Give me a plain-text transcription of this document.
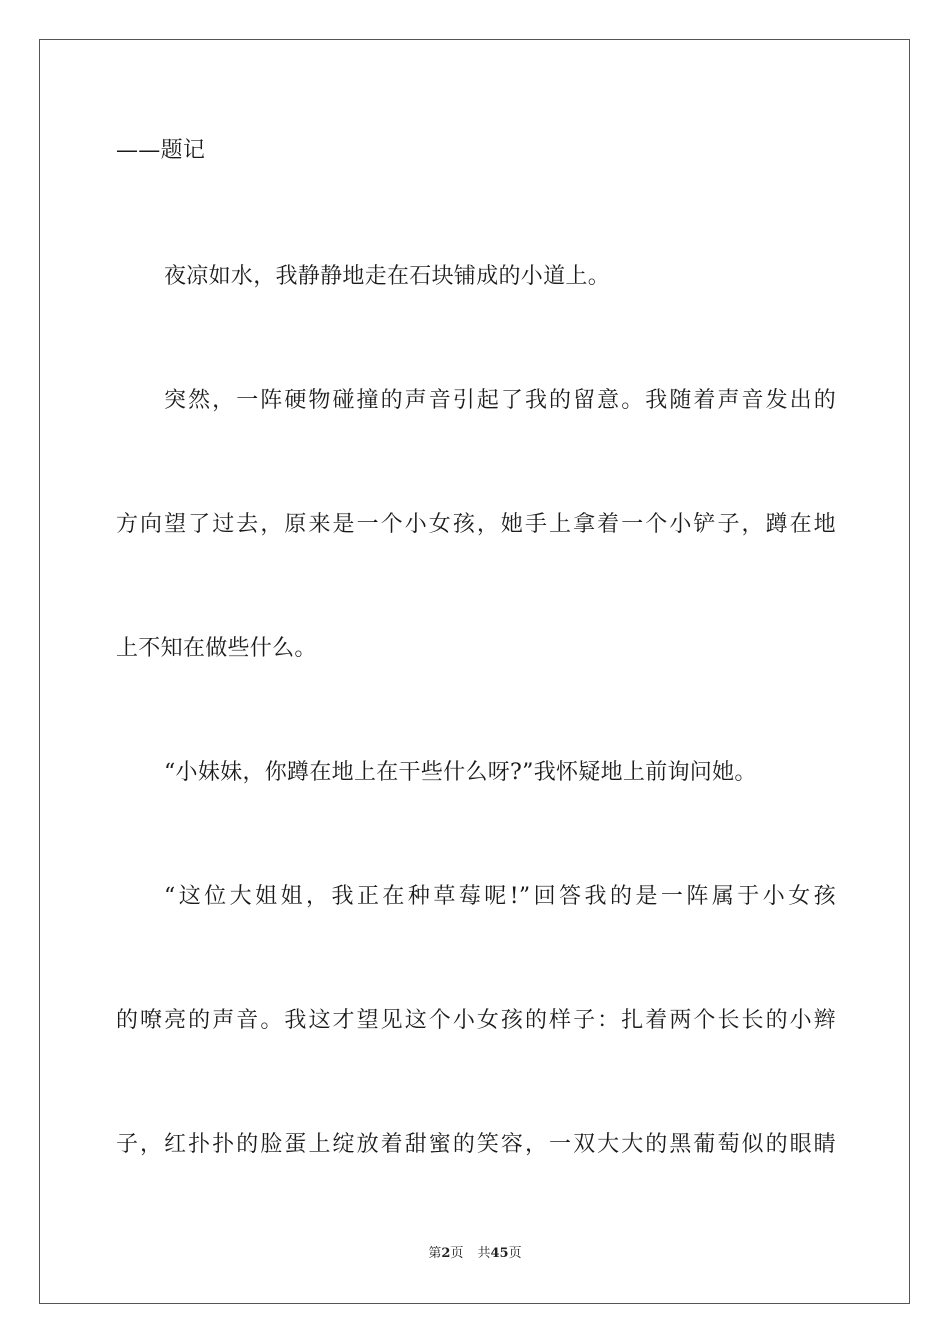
——题记
夜凉如水，我静静地走在石块铺成的小道上。
突然，一阵硬物碰撞的声音引起了我的留意。我随着声音发出的
方向望了过去，原来是一个小女孩，她手上拿着一个小铲子，蹲在地
上不知在做些什么。
“小妹妹，你蹲在地上在干些什么呀?”我怀疑地上前询问她。
“这位大姐姐，我正在种草莓呢!”回答我的是一阵属于小女孩
的嘹亮的声音。我这才望见这个小女孩的样子：扎着两个长长的小辫
子，红扑扑的脸蛋上绽放着甜蜜的笑容，一双大大的黑葡萄似的眼睛
第2页 共45页
